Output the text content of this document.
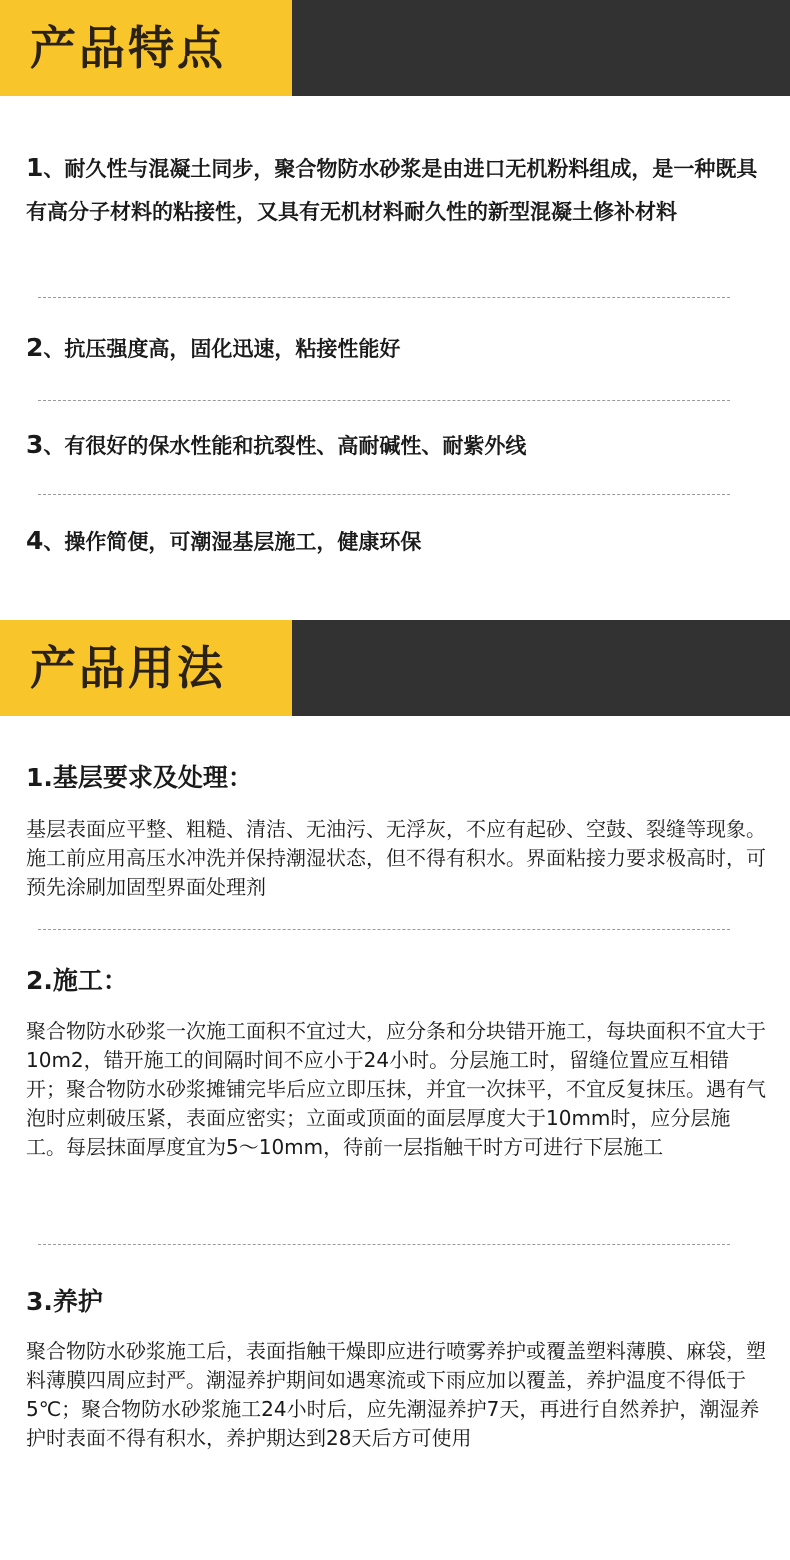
产品特点
1、耐久性与混凝土同步，聚合物防水砂浆是由进口无机粉料组成，是一种既具有高分子材料的粘接性，又具有无机材料耐久性的新型混凝土修补材料
2、抗压强度高，固化迅速，粘接性能好
3、有很好的保水性能和抗裂性、高耐碱性、耐紫外线
4、操作简便，可潮湿基层施工，健康环保
产品用法
1.基层要求及处理：
基层表面应平整、粗糙、清洁、无油污、无浮灰，不应有起砂、空鼓、裂缝等现象。施工前应用高压水冲洗并保持潮湿状态，但不得有积水。界面粘接力要求极高时，可预先涂刷加固型界面处理剂
2.施工：
聚合物防水砂浆一次施工面积不宜过大，应分条和分块错开施工，每块面积不宜大于10m2，错开施工的间隔时间不应小于24小时。分层施工时，留缝位置应互相错开；聚合物防水砂浆摊铺完毕后应立即压抹，并宜一次抹平，不宜反复抹压。遇有气泡时应刺破压紧，表面应密实；立面或顶面的面层厚度大于10mm时，应分层施工。每层抹面厚度宜为5～10mm，待前一层指触干时方可进行下层施工
3.养护
聚合物防水砂浆施工后，表面指触干燥即应进行喷雾养护或覆盖塑料薄膜、麻袋，塑料薄膜四周应封严。潮湿养护期间如遇寒流或下雨应加以覆盖，养护温度不得低于5℃；聚合物防水砂浆施工24小时后，应先潮湿养护7天，再进行自然养护，潮湿养护时表面不得有积水，养护期达到28天后方可使用
